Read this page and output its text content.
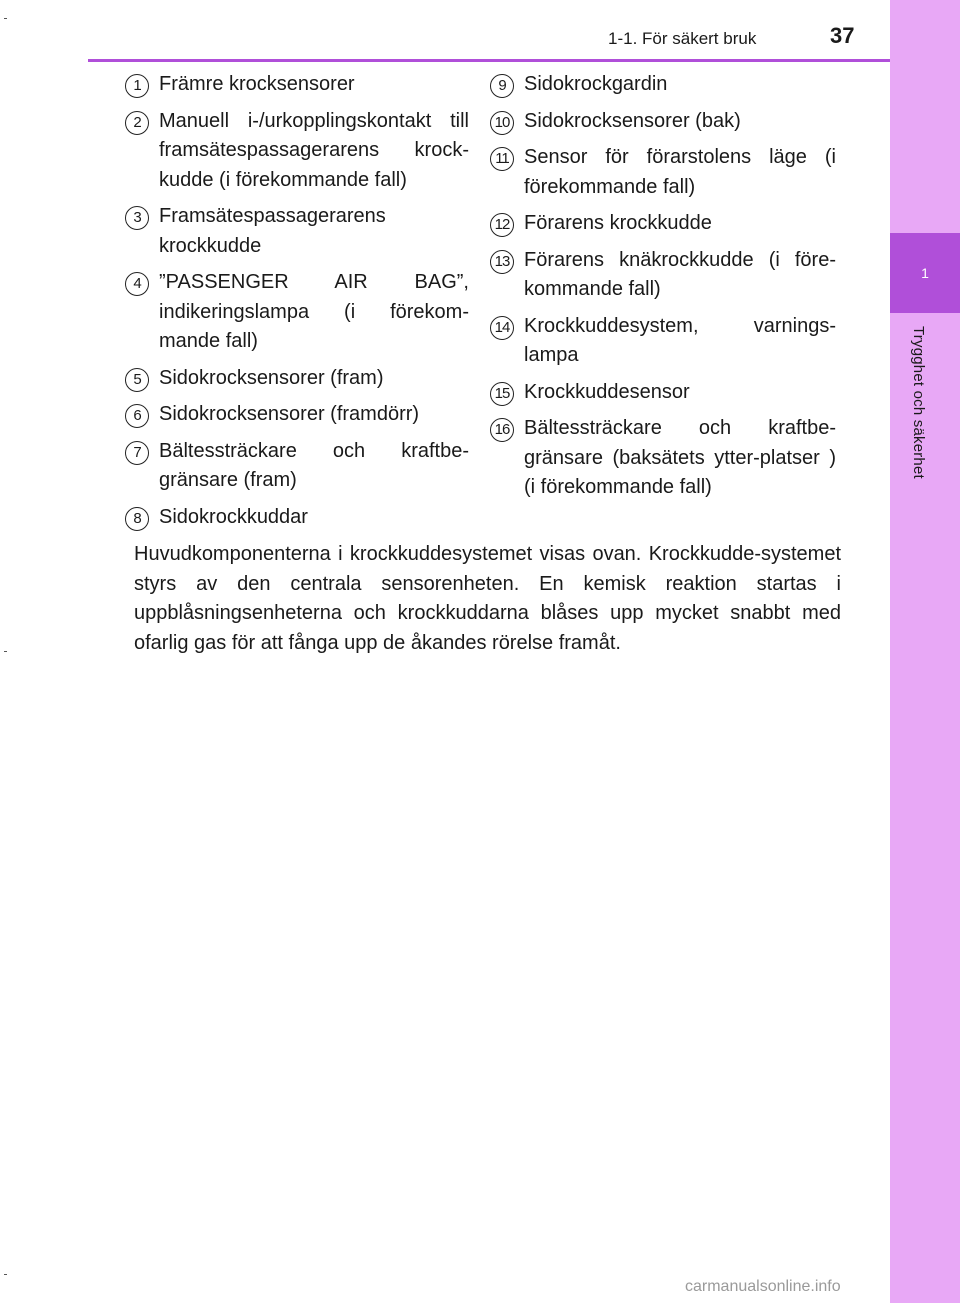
1
Trygghet och säkerhet
1-1. För säkert bruk	37
1 Främre krocksensorer
2 Manuell i-/urkopplingskontakt till framsätespassagerarens krock-kudde (i förekommande fall)
3 Framsätespassagerarens krockkudde
4 ”PASSENGER AIR BAG”, indikeringslampa (i förekom-mande fall)
5 Sidokrocksensorer (fram)
6 Sidokrocksensorer (framdörr)
7 Bältessträckare och kraftbe-gränsare (fram)
8 Sidokrockkuddar
9 Sidokrockgardin
10 Sidokrocksensorer (bak)
11 Sensor för förarstolens läge (i förekommande fall)
12 Förarens krockkudde
13 Förarens knäkrockkudde (i före-kommande fall)
14 Krockkuddesystem, varnings-lampa
15 Krockkuddesensor
16 Bältessträckare och kraftbe-gränsare (baksätets ytter-platser ) (i förekommande fall)

Huvudkomponenterna i krockkuddesystemet visas ovan. Krockkudde-systemet styrs av den centrala sensorenheten. En kemisk reaktion startas i uppblåsningsenheterna och krockkuddarna blåses upp mycket snabbt med ofarlig gas för att fånga upp de åkandes rörelse framåt.

carmanualsonline.info
